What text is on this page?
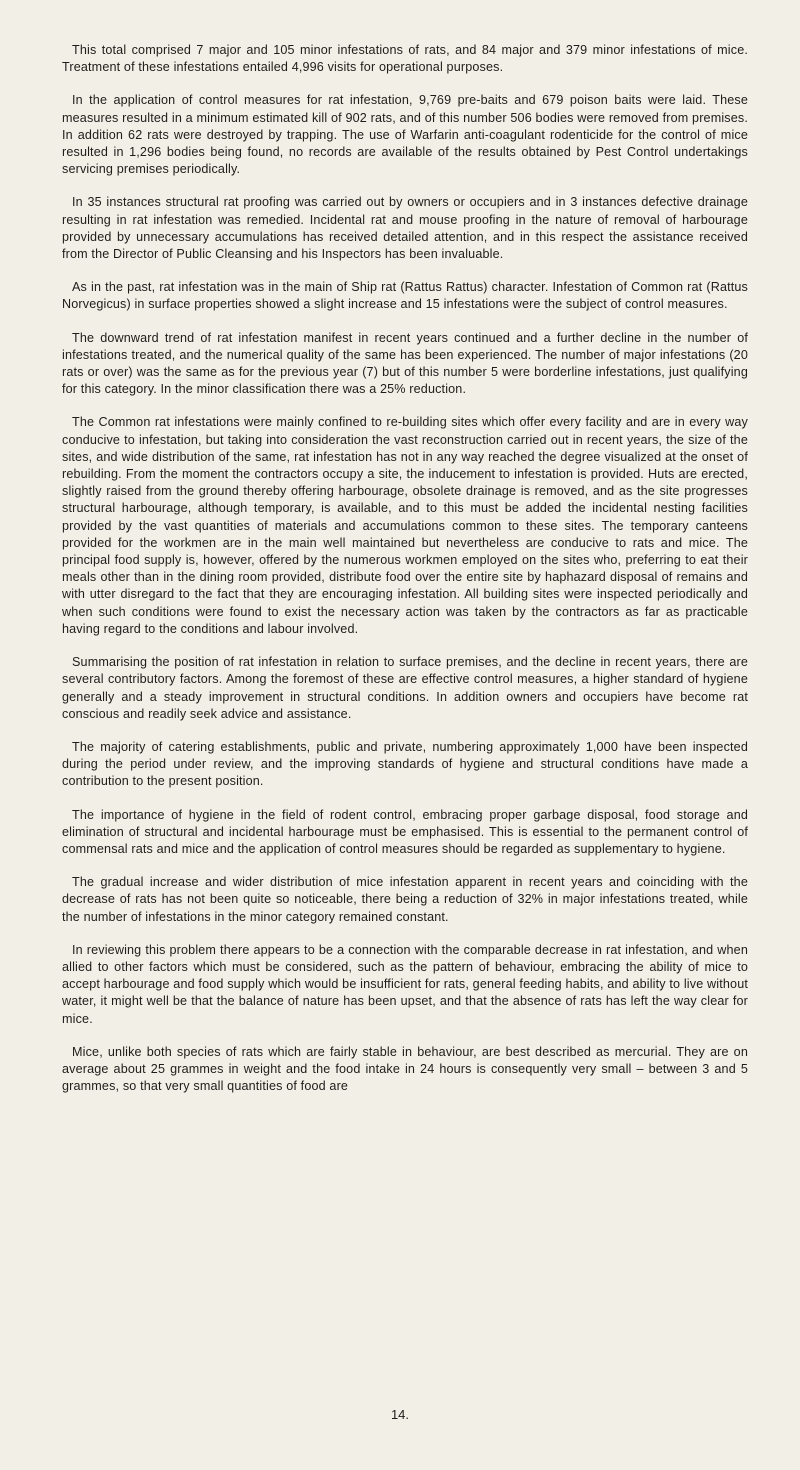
This total comprised 7 major and 105 minor infestations of rats, and 84 major and 379 minor infestations of mice. Treatment of these infestations entailed 4,996 visits for operational purposes.

In the application of control measures for rat infestation, 9,769 pre-baits and 679 poison baits were laid. These measures resulted in a minimum estimated kill of 902 rats, and of this number 506 bodies were removed from premises. In addition 62 rats were destroyed by trapping. The use of Warfarin anti-coagulant rodenticide for the control of mice resulted in 1,296 bodies being found, no records are available of the results obtained by Pest Control undertakings servicing premises periodically.

In 35 instances structural rat proofing was carried out by owners or occupiers and in 3 instances defective drainage resulting in rat infestation was remedied. Incidental rat and mouse proofing in the nature of removal of harbourage provided by unnecessary accumulations has received detailed attention, and in this respect the assistance received from the Director of Public Cleansing and his Inspectors has been invaluable.

As in the past, rat infestation was in the main of Ship rat (Rattus Rattus) character. Infestation of Common rat (Rattus Norvegicus) in surface properties showed a slight increase and 15 infestations were the subject of control measures.

The downward trend of rat infestation manifest in recent years continued and a further decline in the number of infestations treated, and the numerical quality of the same has been experienced. The number of major infestations (20 rats or over) was the same as for the previous year (7) but of this number 5 were borderline infestations, just qualifying for this category. In the minor classification there was a 25% reduction.

The Common rat infestations were mainly confined to re-building sites which offer every facility and are in every way conducive to infestation, but taking into consideration the vast reconstruction carried out in recent years, the size of the sites, and wide distribution of the same, rat infestation has not in any way reached the degree visualized at the onset of rebuilding. From the moment the contractors occupy a site, the inducement to infestation is provided. Huts are erected, slightly raised from the ground thereby offering harbourage, obsolete drainage is removed, and as the site progresses structural harbourage, although temporary, is available, and to this must be added the incidental nesting facilities provided by the vast quantities of materials and accumulations common to these sites. The temporary canteens provided for the workmen are in the main well maintained but nevertheless are conducive to rats and mice. The principal food supply is, however, offered by the numerous workmen employed on the sites who, preferring to eat their meals other than in the dining room provided, distribute food over the entire site by haphazard disposal of remains and with utter disregard to the fact that they are encouraging infestation. All building sites were inspected periodically and when such conditions were found to exist the necessary action was taken by the contractors as far as practicable having regard to the conditions and labour involved.

Summarising the position of rat infestation in relation to surface premises, and the decline in recent years, there are several contributory factors. Among the foremost of these are effective control measures, a higher standard of hygiene generally and a steady improvement in structural conditions. In addition owners and occupiers have become rat conscious and readily seek advice and assistance.

The majority of catering establishments, public and private, numbering approximately 1,000 have been inspected during the period under review, and the improving standards of hygiene and structural conditions have made a contribution to the present position.

The importance of hygiene in the field of rodent control, embracing proper garbage disposal, food storage and elimination of structural and incidental harbourage must be emphasised. This is essential to the permanent control of commensal rats and mice and the application of control measures should be regarded as supplementary to hygiene.

The gradual increase and wider distribution of mice infestation apparent in recent years and coinciding with the decrease of rats has not been quite so noticeable, there being a reduction of 32% in major infestations treated, while the number of infestations in the minor category remained constant.

In reviewing this problem there appears to be a connection with the comparable decrease in rat infestation, and when allied to other factors which must be considered, such as the pattern of behaviour, embracing the ability of mice to accept harbourage and food supply which would be insufficient for rats, general feeding habits, and ability to live without water, it might well be that the balance of nature has been upset, and that the absence of rats has left the way clear for mice.

Mice, unlike both species of rats which are fairly stable in behaviour, are best described as mercurial. They are on average about 25 grammes in weight and the food intake in 24 hours is consequently very small – between 3 and 5 grammes, so that very small quantities of food are

14.
